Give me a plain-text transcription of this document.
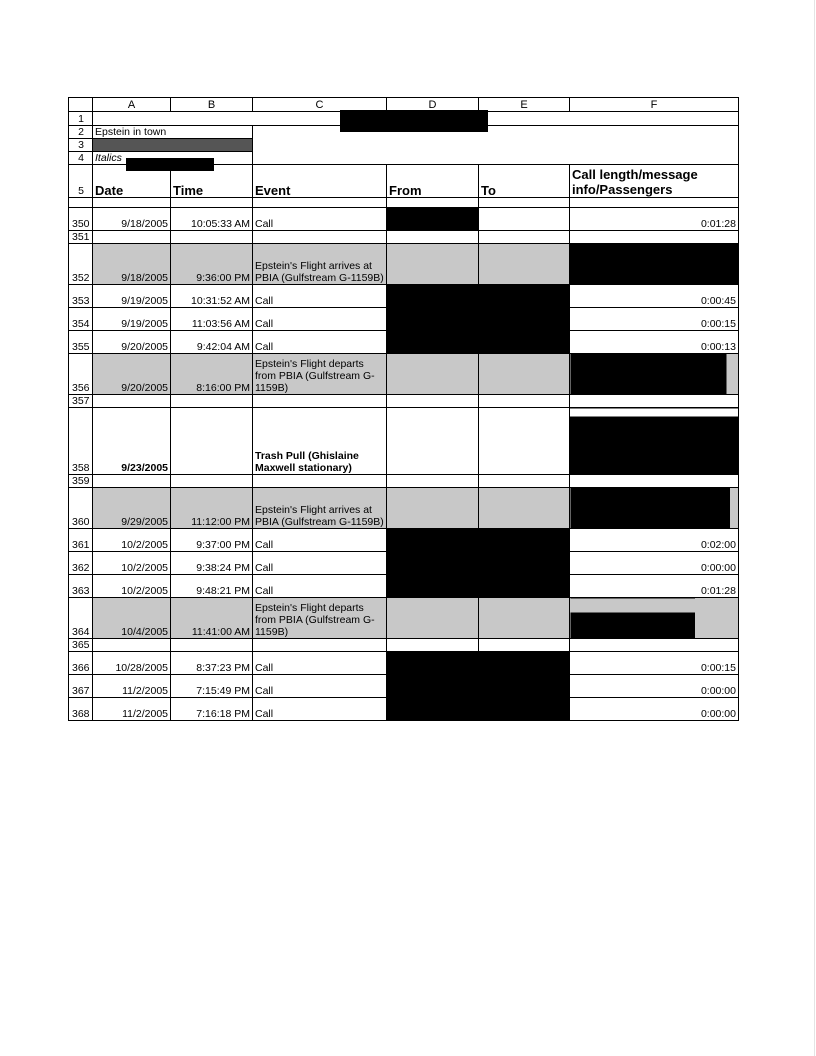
	A	B	C	D	E	F
1						
2	Epstein in town					
3						
4	Italics					
5	Date	Time	Event	From	To	Call length/message info/Passengers

350	9/18/2005	10:05:33 AM	Call			0:01:28
351						
352	9/18/2005	9:36:00 PM	Epstein's Flight arrives at PBIA (Gulfstream G-1159B)			
353	9/19/2005	10:31:52 AM	Call			0:00:45
354	9/19/2005	11:03:56 AM	Call			0:00:15
355	9/20/2005	9:42:04 AM	Call			0:00:13
356	9/20/2005	8:16:00 PM	Epstein's Flight departs from PBIA (Gulfstream G-1159B)			
357						
358	9/23/2005		Trash Pull (Ghislaine Maxwell stationary)			
359						
360	9/29/2005	11:12:00 PM	Epstein's Flight arrives at PBIA (Gulfstream G-1159B)			
361	10/2/2005	9:37:00 PM	Call			0:02:00
362	10/2/2005	9:38:24 PM	Call			0:00:00
363	10/2/2005	9:48:21 PM	Call			0:01:28
364	10/4/2005	11:41:00 AM	Epstein's Flight departs from PBIA (Gulfstream G-1159B)			
365						
366	10/28/2005	8:37:23 PM	Call			0:00:15
367	11/2/2005	7:15:49 PM	Call			0:00:00
368	11/2/2005	7:16:18 PM	Call			0:00:00
